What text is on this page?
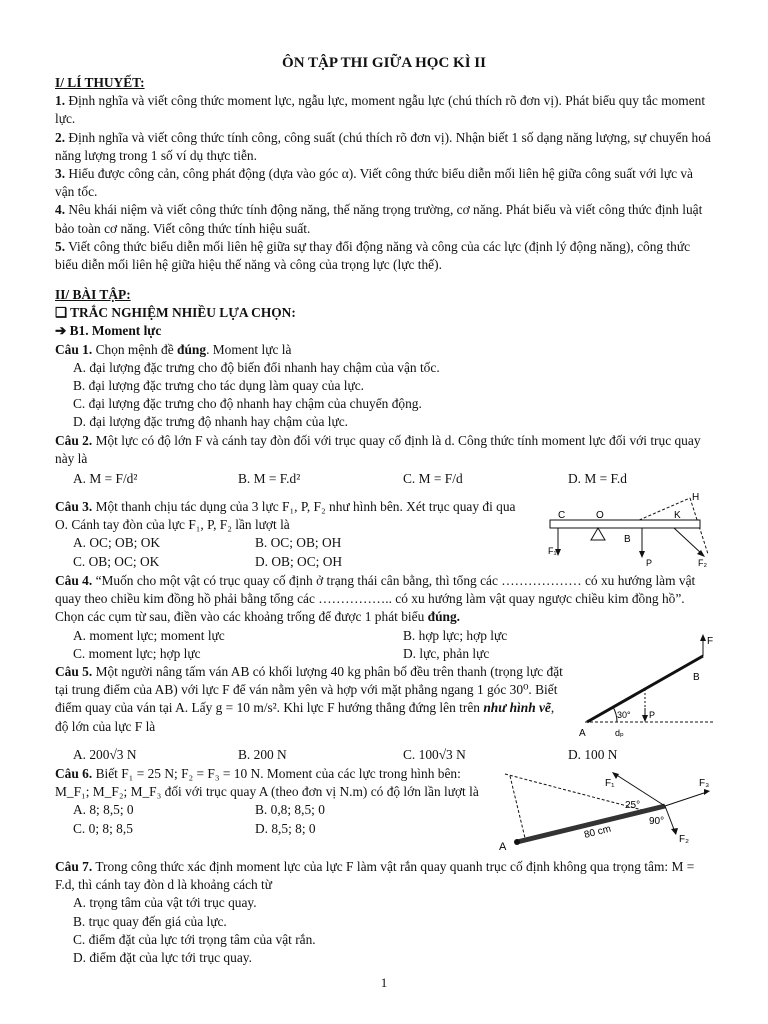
ÔN TẬP THI GIỮA HỌC KÌ II
I/ LÍ THUYẾT:
1. Định nghĩa và viết công thức moment lực, ngẫu lực, moment ngẫu lực (chú thích rõ đơn vị). Phát biểu quy tắc moment lực.
2. Định nghĩa và viết công thức tính công, công suất (chú thích rõ đơn vị). Nhận biết 1 số dạng năng lượng, sự chuyển hoá năng lượng trong 1 số ví dụ thực tiễn.
3. Hiểu được công cản, công phát động (dựa vào góc α). Viết công thức biểu diễn mối liên hệ giữa công suất với lực và vận tốc.
4. Nêu khái niệm và viết công thức tính động năng, thế năng trọng trường, cơ năng. Phát biểu và viết công thức định luật bảo toàn cơ năng. Viết công thức tính hiệu suất.
5. Viết công thức biểu diễn mối liên hệ giữa sự thay đổi động năng và công của các lực (định lý động năng), công thức biểu diễn mối liên hệ giữa hiệu thế năng và công của trọng lực (lực thế).
II/ BÀI TẬP:
❑ TRẮC NGHIỆM NHIỀU LỰA CHỌN:
➔ B1. Moment lực
Câu 1. Chọn mệnh đề đúng. Moment lực là
A. đại lượng đặc trưng cho độ biến đổi nhanh hay chậm của vận tốc.
B. đại lượng đặc trưng cho tác dụng làm quay của lực.
C. đại lượng đặc trưng cho độ nhanh hay chậm của chuyển động.
D. đại lượng đặc trưng độ nhanh hay chậm của lực.
Câu 2. Một lực có độ lớn F và cánh tay đòn đối với trục quay cố định là d. Công thức tính moment lực đối với trục quay này là
A. M = F/d²	B. M = F.d²	C. M = F/d	D. M = F.d
Câu 3. Một thanh chịu tác dụng của 3 lực F₁, P, F₂ như hình bên. Xét trục quay đi qua O. Cánh tay đòn của lực F₁, P, F₂ lần lượt là
A. OC; OB; OK	B. OC; OB; OH
C. OB; OC; OK	D. OB; OC; OH
C	O
H
K
B
F₁
P	F₂
Câu 4. “Muốn cho một vật có trục quay cố định ở trạng thái cân bằng, thì tổng các ……………… có xu hướng làm vật quay theo chiều kim đồng hồ phải bằng tổng các …………….. có xu hướng làm vật quay ngược chiều kim đồng hồ”. Chọn các cụm từ sau, điền vào các khoảng trống để được 1 phát biểu đúng.
A. moment lực; moment lực	B. hợp lực; hợp lực
C. moment lực; hợp lực	D. lực, phản lực
Câu 5. Một người nâng tấm ván AB có khối lượng 40 kg phân bố đều trên thanh (trọng lực đặt tại trung điểm của AB) với lực F để ván nằm yên và hợp với mặt phẳng ngang 1 góc 30⁰. Biết điểm quay của ván tại A. Lấy g = 10 m/s². Khi lực F hướng thẳng đứng lên trên như hình vẽ, độ lớn của lực F là
A. 200√3 N	B. 200 N	C. 100√3 N	D. 100 N
F
B
30° P
A	dₚ
Câu 6. Biết F₁ = 25 N; F₂ = F₃ = 10 N. Moment của các lực trong hình bên: M_F₁; M_F₂; M_F₃ đối với trục quay A (theo đơn vị N.m) có độ lớn lần lượt là
A. 8; 8,5; 0	B. 0,8; 8,5; 0
C. 0; 8; 8,5	D. 8,5; 8; 0
F₁	F₃
F₂
25°
90°
80 cm
A
Câu 7. Trong công thức xác định moment lực của lực F làm vật rắn quay quanh trục cố định không qua trọng tâm: M = F.d, thì cánh tay đòn d là khoảng cách từ
A. trọng tâm của vật tới trục quay.
B. trục quay đến giá của lực.
C. điểm đặt của lực tới trọng tâm của vật rắn.
D. điểm đặt của lực tới trục quay.
1
